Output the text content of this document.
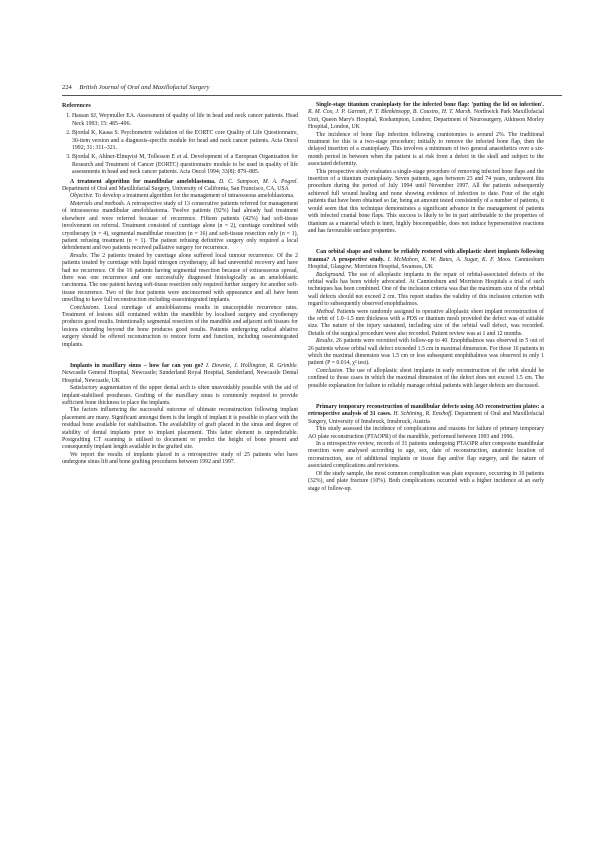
224 British Journal of Oral and Maxillofacial Surgery
References
1. Hassan SJ, Weymuller EA. Assessment of quality of life in head and neck cancer patients. Head Neck 1993; 15: 485–496.
2. Bjordal K, Kaasa S. Psychometric validation of the EORTC core Quality of Life Questionnaire, 30-item version and a diagnosis-specific module for head and neck cancer patients. Acta Oncol 1992; 31: 311–321.
3. Bjordal K, Ahlner-Elmqvist M, Tollesson E et al. Development of a European Organization for Research and Treatment of Cancer (EORTC) questionnaire module to be used in quality of life assessments in head and neck cancer patients. Acta Oncol 1994; 33(8): 879–885.

A treatment algorithm for mandibular ameloblastoma. D. C. Sampson, M. A. Pogrel. Department of Oral and Maxillofacial Surgery, University of California, San Francisco, CA, USA

Objective. To develop a treatment algorithm for the management of intraosseous ameloblastoma.

Materials and methods. A retrospective study of 13 consecutive patients referred for management of intraosseous mandibular ameloblastoma. Twelve patients (92%) had already had treatment elsewhere and were referred because of recurrence. Fifteen patients (42%) had soft-tissue involvement on referral. Treatment consisted of curettage alone (n = 2), curettage combined with cryotherapy (n = 4), segmental mandibular resection (n = 16) and soft-tissue resection only (n = 1), patient refusing treatment (n = 1). The patient refusing definitive surgery only required a local debridement and two patients received palliative surgery for recurrence.

Results. The 2 patients treated by curettage alone suffered local tumour recurrence. Of the 2 patients treated by curettage with liquid nitrogen cryotherapy, all had uneventful recovery and have had no recurrence. Of the 16 patients having segmental resection because of extraosseous spread, there was one recurrence and one successfully diagnosed histologically as an ameloblastic carcinoma. The one patient having soft-tissue resection only required further surgery for another soft-tissue recurrence. Two of the four patients were unconcerned with appearance and all have been unwilling to have full reconstruction including osseointegrated implants.

Conclusions. Local curettage of ameloblastoma results in unacceptable recurrence rates. Treatment of lesions still contained within the mandible by localised surgery and cryotherapy produces good results. Intentionally segmental resection of the mandible and adjacent soft tissues for lesions extending beyond the bone produces good results. Patients undergoing radical ablative surgery should be offered reconstruction to restore form and function, including osseointegrated implants.

Implants in maxillary sinus – how far can you go? I. Downie, J. Hollington, R. Grimble. Newcastle General Hospital, Newcastle; Sunderland Royal Hospital, Sunderland, Newcastle Dental Hospital, Newcastle, UK

Satisfactory augmentation of the upper dental arch is often unavoidably possible with the aid of implant-stabilised prostheses. Grafting of the maxillary sinus is commonly required to provide sufficient bone thickness to place the implants.

The factors influencing the successful outcome of ultimate reconstruction following implant placement are many. Significant amongst them is the length of implant it is possible to place with the residual bone available for stabilisation. The availability of graft placed in the sinus and degree of stability of dental implants prior to implant placement. This latter element is unpredictable. Postgrafting CT scanning is utilised to document or predict the height of bone present and consequently implant length available in the grafted site.

We report the results of implants placed in a retrospective study of 25 patients who have undergone sinus lift and bone grafting procedures between 1992 and 1997.

Single-stage titanium cranioplasty for the infected bone flap: 'putting the lid on infection'. R. M. Cox, J. P. Garnett, P. T. Blenkinsopp, B. Cousins, H. T. Marsh. Northwick Park Maxillofacial Unit, Queen Mary's Hospital, Roehampton, London; Department of Neurosurgery, Atkinson Morley Hospital, London, UK

The incidence of bone flap infection following craniotomies is around 2%. The traditional treatment for this is a two-stage procedure; initially to remove the infected bone flap, then the delayed insertion of a cranioplasty. This involves a minimum of two general anaesthetics over a six-month period in between when the patient is at risk from a defect in the skull and subject to the associated deformity.

This prospective study evaluates a single-stage procedure of removing infected bone flaps and the insertion of a titanium cranioplasty. Seven patients, ages between 23 and 74 years, underwent this procedure during the period of July 1994 until November 1997. All the patients subsequently achieved full wound healing and none showing evidence of infection to date. Four of the eight patients that have been obtained so far, being an amount tested consistently of a number of patients, it would seem that this technique demonstrates a significant advance in the management of patients with infected cranial bone flaps. This success is likely to be in part attributable to the properties of titanium as a material which is inert, highly biocompatible, does not induce hypersensitive reactions and has favourable surface properties.

Can orbital shape and volume be reliably restored with alloplastic sheet implants following trauma? A prospective study. I. McMahon, K. W. Bates, A. Sugar, K. F. Moos. Canniesburn Hospital, Glasgow; Morriston Hospital, Swansea, UK

Background. The use of alloplastic implants in the repair of orbital-associated defects of the orbital walls has been widely advocated. At Canniesburn and Morriston Hospitals a trial of such techniques has been combined. One of the inclusion criteria was that the maximum size of the orbital wall defects should not exceed 2 cm. This report studies the validity of this inclusion criterion with regard to subsequently observed enophthalmos.

Method. Patients were randomly assigned to operative alloplastic sheet implant reconstruction of the orbit of 1.0–1.5 mm thickness with a PDS or titanium mesh provided the defect was of suitable size. The nature of the injury sustained, including size of the orbital wall defect, was recorded. Details of the surgical procedure were also recorded. Patient review was at 1 and 12 months.

Results. 26 patients were recruited with follow-up to 40. Enophthalmos was observed in 5 out of 26 patients whose orbital wall defect exceeded 1.5 cm in maximal dimension. For those 16 patients in which the maximal dimension was 1.5 cm or less subsequent enophthalmos was observed in only 1 patient (P = 0.014, χ² test).

Conclusion. The use of alloplastic sheet implants in early reconstruction of the orbit should be confined to those cases in which the maximal dimension of the defect does not exceed 1.5 cm. The possible explanation for failure to reliably manage orbital patients with larger defects are discussed.

Primary temporary reconstruction of mandibular defects using AO reconstruction plates: a retrospective analysis of 31 cases. H. Schöning, R. Emshoff. Department of Oral and Maxillofacial Surgery, University of Innsbruck, Innsbruck, Austria

This study assessed the incidence of complications and reasons for failure of primary temporary AO plate reconstruction (PTAOPR) of the mandible, performed between 1993 and 1996.

In a retrospective review, records of 31 patients undergoing PTAOPR after composite mandibular resection were analysed according to age, sex, date of reconstruction, anatomic location of reconstruction, use of additional implants or tissue flap and/or flap surgery, and the nature of associated complications and revisions.

Of the study sample, the most common complication was plate exposure, occurring in 10 patients (32%), and plate fracture (10%). Both complications occurred with a higher incidence at an early stage of follow-up.
